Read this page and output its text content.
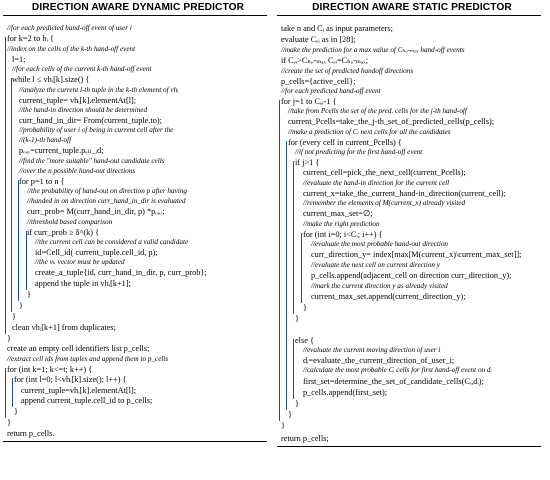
DIRECTION AWARE DYNAMIC PREDICTOR
//for each predicted hand-off event of user i
for k=2 to hᵢ {
//index on the cells of the k-th hand-off event
l=1;
//for each cells of the current k-th hand-off event
while l ≤ vhᵢ[k].size() {
//analyze the current l-th tuple in the k-th element of vhᵢ
current_tuple= vhᵢ[k].elementAt[l];
//the hand-in direction should be determined
curr_hand_in_dir= From(current_tuple.to);
//probability of user i of being in current cell after the
//(k-1)-th hand-off
pₒᵤᵣ=current_tuple.pₑₗₗ_ᵢd;
//find the "more suitable" hand-out candidate cells
//over the n possible hand-out directions
for p=1 to n {
//the probability of hand-out on direction p after having
//handed in on direction curr_hand_in_dir is evaluated
curr_prob= M(curr_hand_in_dir, p) *pₒᵤᵣ;
//threshold based comparison
if curr_prob ≥ δ^(k) {
//the current cell can be considered a valid candidate
id=Cell_id( current_tuple.cell_id, p);
//the vₕ vector must be updated
create_a_tuple{id, curr_hand_in_dir, p, curr_prob};
append the tuple in vhᵢ[k+1];
}
}
}
clean vhᵢ[k+1] from duplicates;
}
create an empty cell identifiers list p_cells;
//extract cell ids from tuples and append them to p_cells
for (int k=1; k<=t; k++) {
for (int l=0; l<vhᵢ[k].size(); l++) {
current_tuple=vhᵢ[k].elementAt[l];
append current_tuple.cell_id to p_cells;
}
}
return p_cells.
DIRECTION AWARE STATIC PREDICTOR
take n and Cᵢ as input parameters;
evaluate Cₑᵢ as in [28];
//make the prediction for a max value of Cₕₒ-ₘₐₓ hand-off events
if Cₑᵢ>Cₕₒ-ₘₐₓ Cₑᵢ=Cₕₒ-ₘₐₓ;
//create the set of predicted handoff directions
p_cells={active_cell};
//for each predicted hand-off event
for j=1 to Cₑᵢ-1 {
//take from Pcells the set of the pred. cells for the j-th hand-off
current_Pcells=take_the_j-th_set_of_predicted_cells(p_cells);
//make a prediction of Cᵢ next cells for all the candidates
for (every cell in current_Pcells) {
//if not predicting for the first hand-off event
if j>1 {
current_cell=pick_the_next_cell(current_Pcells);
//evaluate the hand-in direction for the current cell
current_x=take_the_current_hand-in_direction(current_cell);
//remember the elements of M(current_x) already visited
current_max_set=∅;
//make the right prediction
for (int i=0; i<Cᵢ; i++) {
//evaluate the most probable hand-out direction
curr_direction_y= index[max[M(current_x)\current_max_set]];
//evaluate the next cell on current direction y
p_cells.append(adjacent_cell on direction curr_direction_y);
//mark the current direction y as already visited
current_max_set.append(current_direction_y);
}
}
else {
//evaluate the current moving direction of user i
dᵢ=evaluate_the_current_direction_of_user_i;
//calculate the most probable Cᵢ cells for first hand-off event on dᵢ
first_set=determine_the_set_of_candidate_cells(Cᵢ,dᵢ);
p_cells.append(first_set);
}
}
}
return p_cells;
